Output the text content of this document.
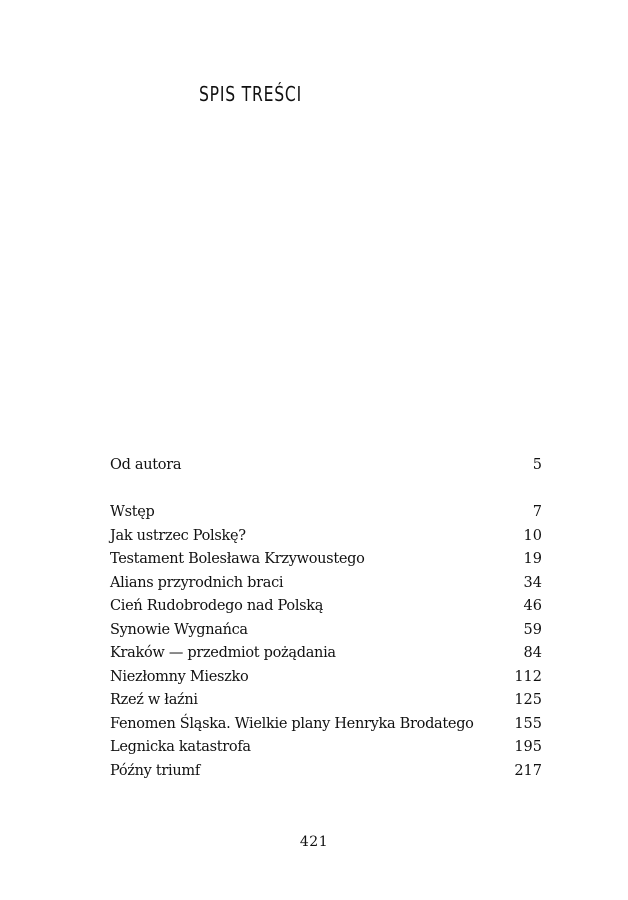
SPIS TREŚCI
Od autora	5
Wstęp	7
Jak ustrzec Polskę?	10
Testament Bolesława Krzywoustego	19
Alians przyrodnich braci	34
Cień Rudobrodego nad Polską	46
Synowie Wygnańca	59
Kraków — przedmiot pożądania	84
Niezłomny Mieszko	112
Rzeź w łaźni	125
Fenomen Śląska. Wielkie plany Henryka Brodatego	155
Legnicka katastrofa	195
Późny triumf	217
421
